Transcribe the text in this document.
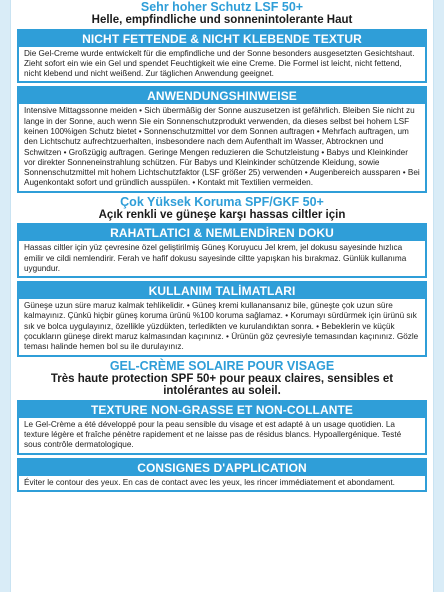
Sehr hoher Schutz LSF 50+
Helle, empfindliche und sonnenintolerante Haut
NICHT FETTENDE & NICHT KLEBENDE TEXTUR
Die Gel-Creme wurde entwickelt für die empfindliche und der Sonne besonders ausgesetzten Gesichtshaut. Zieht sofort ein wie ein Gel und spendet Feuchtigkeit wie eine Creme. Die Formel ist leicht, nicht fettend, nicht klebend und nicht weißend. Zur täglichen Anwendung geeignet.
ANWENDUNGSHINWEISE
Intensive Mittagssonne meiden • Sich übermäßig der Sonne auszusetzen ist gefährlich. Bleiben Sie nicht zu lange in der Sonne, auch wenn Sie ein Sonnenschutzprodukt verwenden, da dieses selbst bei hohem LSF keinen 100%igen Schutz bietet • Sonnenschutzmittel vor dem Sonnen auftragen • Mehrfach auftragen, um den Lichtschutz aufrechtzuerhalten, insbesondere nach dem Aufenthalt im Wasser, Abtrocknen und Schwitzen • Großzügig auftragen. Geringe Mengen reduzieren die Schutzleistung • Babys und Kleinkinder vor direkter Sonneneinstrahlung schützen. Für Babys und Kleinkinder schützende Kleidung, sowie Sonnenschutzmittel mit hohem Lichtschutzfaktor (LSF größer 25) verwenden • Augenbereich aussparen • Bei Augenkontakt sofort und gründlich ausspülen. • Kontakt mit Textilien vermeiden.
Çok Yüksek Koruma SPF/GKF 50+
Açık renkli ve güneşe karşı hassas ciltler için
RAHATLATICI & NEMLENDİREN DOKU
Hassas ciltler için yüz çevresine özel geliştirilmiş Güneş Koruyucu Jel krem, jel dokusu sayesinde hızlıca emilir ve cildi nemlendirir. Ferah ve hafif dokusu sayesinde ciltte yapışkan his bırakmaz. Günlük kullanıma uygundur.
KULLANIM TALİMATLARI
Güneşe uzun süre maruz kalmak tehlikelidir. • Güneş kremi kullanansanız bile, güneşte çok uzun süre kalmayınız. Çünkü hiçbir güneş koruma ürünü %100 koruma sağlamaz. • Korumayı sürdürmek için ürünü sık sık ve bolca uygulayınız, özellikle yüzdükten, terledikten ve kurulandıktan sonra. • Bebeklerin ve küçük çocukların güneşe direkt maruz kalmasından kaçınınız. • Ürünün göz çevresiyle temasından kaçınınız. Gözle teması halinde hemen bol su ile durulayınız.
GEL-CRÈME SOLAIRE POUR VISAGE
Très haute protection SPF 50+ pour peaux claires, sensibles et intolérantes au soleil.
TEXTURE NON-GRASSE ET NON-COLLANTE
Le Gel-Crème a été développé pour la peau sensible du visage et est adapté à un usage quotidien. La texture légère et fraîche pénètre rapidement et ne laisse pas de résidus blancs. Hypoallergénique. Testé sous contrôle dermatologique.
CONSIGNES D'APPLICATION
Éviter le contour des yeux. En cas de contact avec les yeux, les rincer immédiatement et abondament.
